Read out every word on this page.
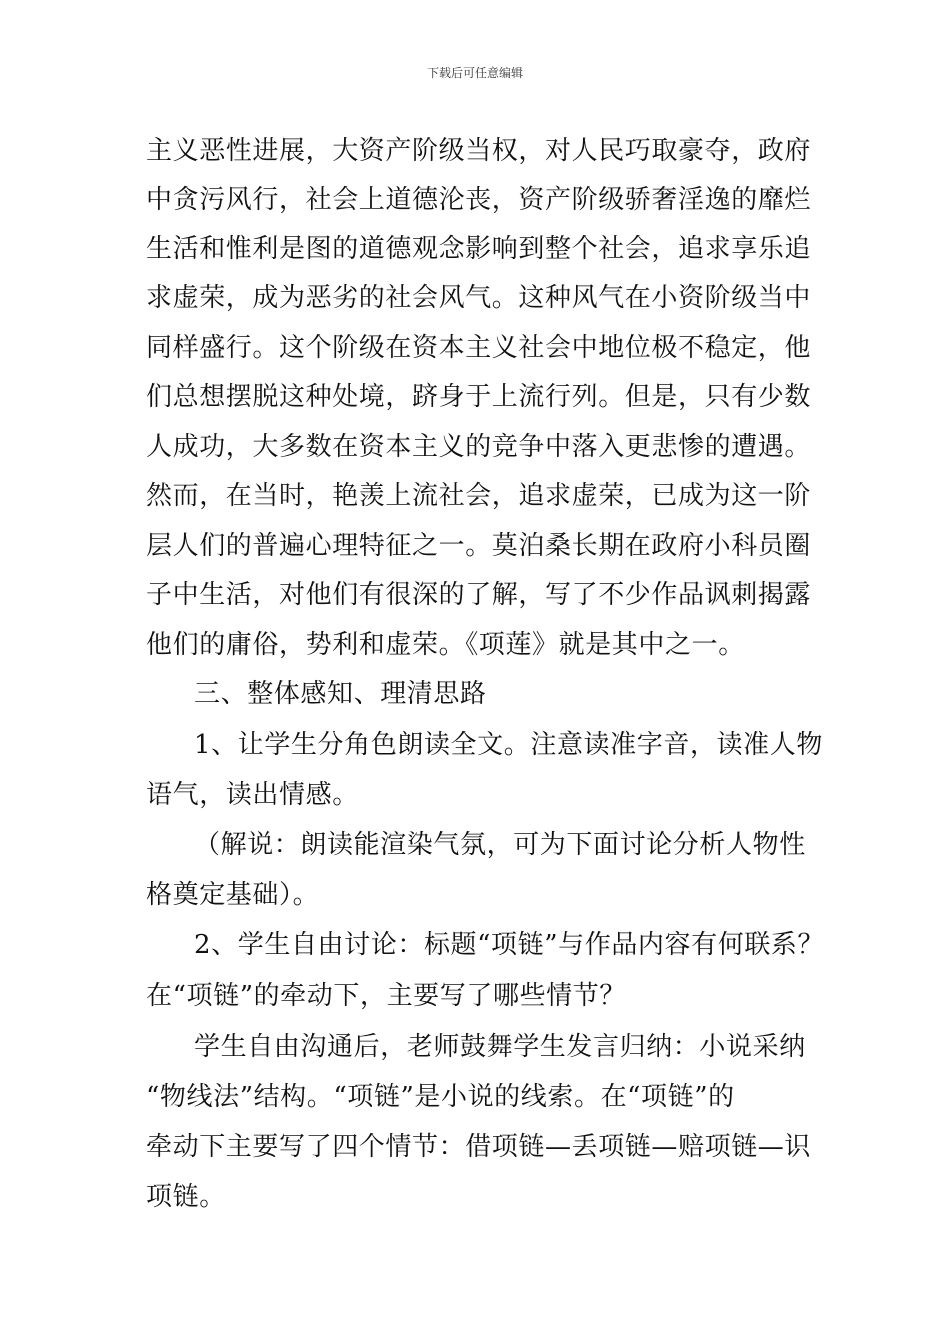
下载后可任意编辑
主义恶性进展，大资产阶级当权，对人民巧取豪夺，政府
中贪污风行，社会上道德沦丧，资产阶级骄奢淫逸的靡烂
生活和惟利是图的道德观念影响到整个社会，追求享乐追
求虚荣，成为恶劣的社会风气。这种风气在小资阶级当中
同样盛行。这个阶级在资本主义社会中地位极不稳定，他
们总想摆脱这种处境，跻身于上流行列。但是，只有少数
人成功，大多数在资本主义的竞争中落入更悲惨的遭遇。
然而，在当时，艳羡上流社会，追求虚荣，已成为这一阶
层人们的普遍心理特征之一。莫泊桑长期在政府小科员圈
子中生活，对他们有很深的了解，写了不少作品讽刺揭露
他们的庸俗，势利和虚荣。《项莲》就是其中之一。
三、整体感知、理清思路
1、让学生分角色朗读全文。注意读准字音，读准人物
语气，读出情感。
（解说：朗读能渲染气氛，可为下面讨论分析人物性
格奠定基础）。
2、学生自由讨论：标题“项链”与作品内容有何联系？
在“项链”的牵动下，主要写了哪些情节？
学生自由沟通后，老师鼓舞学生发言归纳：小说采纳
“物线法”结构。“项链”是小说的线索。在“项链”的
牵动下主要写了四个情节：借项链—丢项链—赔项链—识
项链。
